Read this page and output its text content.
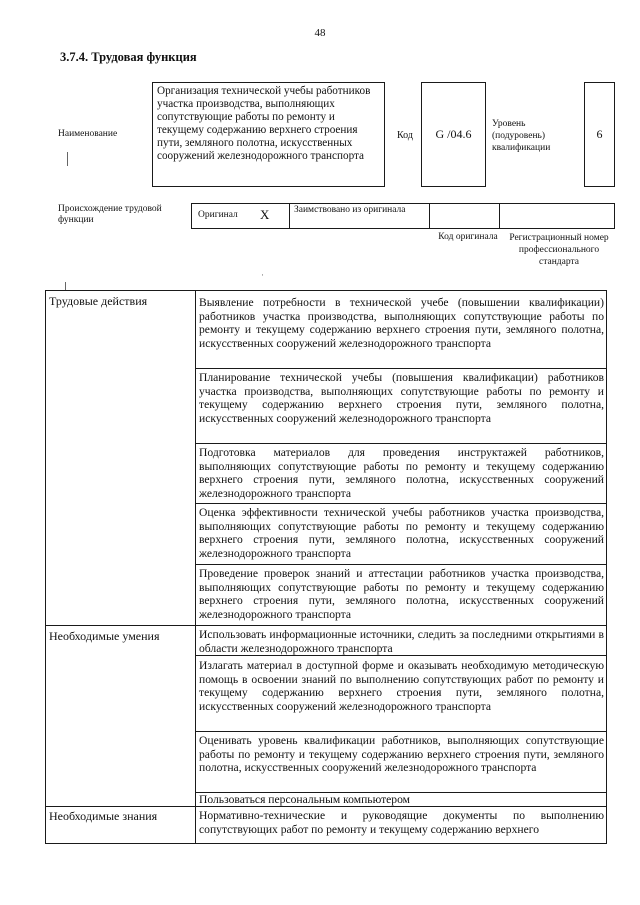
48
3.7.4. Трудовая функция
Наименование
Организация технической учебы работников участка производства, выполняющих сопутствующие работы по ремонту и текущему содержанию верхнего строения пути, земляного полотна, искусственных сооружений железнодорожного транспорта
Код G /04.6
Уровень (подуровень) квалификации
6
Происхождение трудовой функции	Оригинал X	Заимствовано из оригинала
Код оригинала	Регистрационный номер профессионального стандарта
·
Трудовые действия	Выявление потребности в технической учебе (повышении квалификации) работников участка производства, выполняющих сопутствующие работы по ремонту и текущему содержанию верхнего строения пути, земляного полотна, искусственных сооружений железнодорожного транспорта
Планирование технической учебы (повышения квалификации) работников участка производства, выполняющих сопутствующие работы по ремонту и текущему содержанию верхнего строения пути, земляного полотна, искусственных сооружений железнодорожного транспорта
Подготовка материалов для проведения инструктажей работников, выполняющих сопутствующие работы по ремонту и текущему содержанию верхнего строения пути, земляного полотна, искусственных сооружений железнодорожного транспорта
Оценка эффективности технической учебы работников участка производства, выполняющих сопутствующие работы по ремонту и текущему содержанию верхнего строения пути, земляного полотна, искусственных сооружений железнодорожного транспорта
Проведение проверок знаний и аттестации работников участка производства, выполняющих сопутствующие работы по ремонту и текущему содержанию верхнего строения пути, земляного полотна, искусственных сооружений железнодорожного транспорта
Необходимые умения	Использовать информационные источники, следить за последними открытиями в области железнодорожного транспорта
Излагать материал в доступной форме и оказывать необходимую методическую помощь в освоении знаний по выполнению сопутствующих работ по ремонту и текущему содержанию верхнего строения пути, земляного полотна, искусственных сооружений железнодорожного транспорта
Оценивать уровень квалификации работников, выполняющих сопутствующие работы по ремонту и текущему содержанию верхнего строения пути, земляного полотна, искусственных сооружений железнодорожного транспорта
Пользоваться персональным компьютером
Необходимые знания	Нормативно-технические и руководящие документы по выполнению сопутствующих работ по ремонту и текущему содержанию верхнего
